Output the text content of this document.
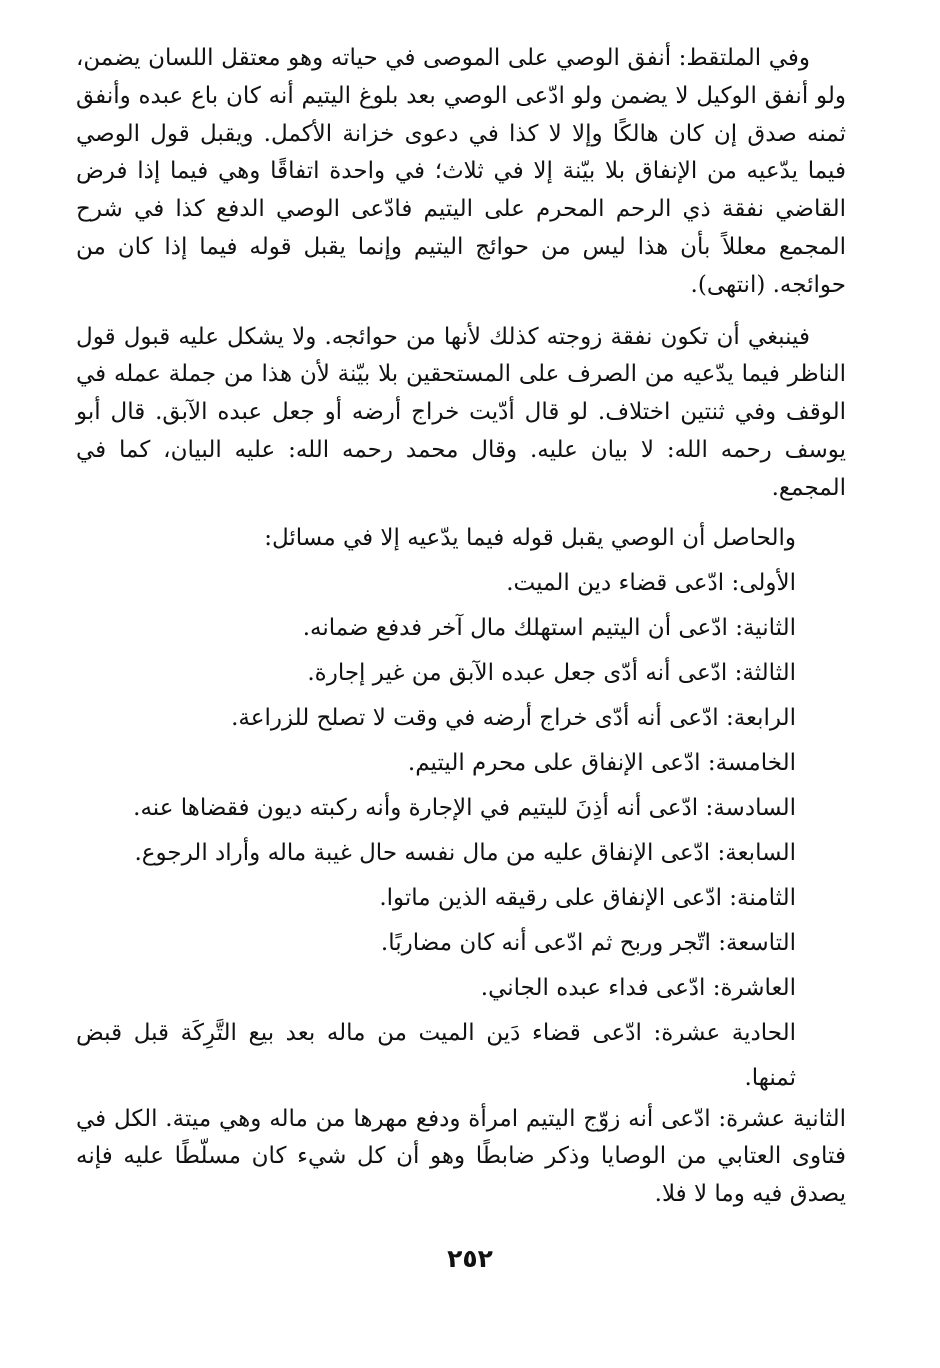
وفي الملتقط: أنفق الوصي على الموصى في حياته وهو معتقل اللسان يضمن، ولو أنفق الوكيل لا يضمن ولو ادّعى الوصي بعد بلوغ اليتيم أنه كان باع عبده وأنفق ثمنه صدق إن كان هالكًا وإلا لا كذا في دعوى خزانة الأكمل. ويقبل قول الوصي فيما يدّعيه من الإنفاق بلا بيّنة إلا في ثلاث؛ في واحدة اتفاقًا وهي فيما إذا فرض القاضي نفقة ذي الرحم المحرم على اليتيم فادّعى الوصي الدفع كذا في شرح المجمع معللاً بأن هذا ليس من حوائج اليتيم وإنما يقبل قوله فيما إذا كان من حوائجه. (انتهى).

فينبغي أن تكون نفقة زوجته كذلك لأنها من حوائجه. ولا يشكل عليه قبول قول الناظر فيما يدّعيه من الصرف على المستحقين بلا بيّنة لأن هذا من جملة عمله في الوقف وفي ثنتين اختلاف. لو قال أدّيت خراج أرضه أو جعل عبده الآبق. قال أبو يوسف رحمه الله: لا بيان عليه. وقال محمد رحمه الله: عليه البيان، كما في المجمع.

والحاصل أن الوصي يقبل قوله فيما يدّعيه إلا في مسائل:

الأولى: ادّعى قضاء دين الميت.
الثانية: ادّعى أن اليتيم استهلك مال آخر فدفع ضمانه.
الثالثة: ادّعى أنه أدّى جعل عبده الآبق من غير إجارة.
الرابعة: ادّعى أنه أدّى خراج أرضه في وقت لا تصلح للزراعة.
الخامسة: ادّعى الإنفاق على محرم اليتيم.
السادسة: ادّعى أنه أذِنَ لليتيم في الإجارة وأنه ركبته ديون فقضاها عنه.
السابعة: ادّعى الإنفاق عليه من مال نفسه حال غيبة ماله وأراد الرجوع.
الثامنة: ادّعى الإنفاق على رقيقه الذين ماتوا.
التاسعة: اتّجر وربح ثم ادّعى أنه كان مضاربًا.
العاشرة: ادّعى فداء عبده الجاني.
الحادية عشرة: ادّعى قضاء دَين الميت من ماله بعد بيع التَّرِكَة قبل قبض ثمنها.
الثانية عشرة: ادّعى أنه زوّج اليتيم امرأة ودفع مهرها من ماله وهي ميتة. الكل في فتاوى العتابي من الوصايا وذكر ضابطًا وهو أن كل شيء كان مسلّطًا عليه فإنه يصدق فيه وما لا فلا.
٢٥٢
